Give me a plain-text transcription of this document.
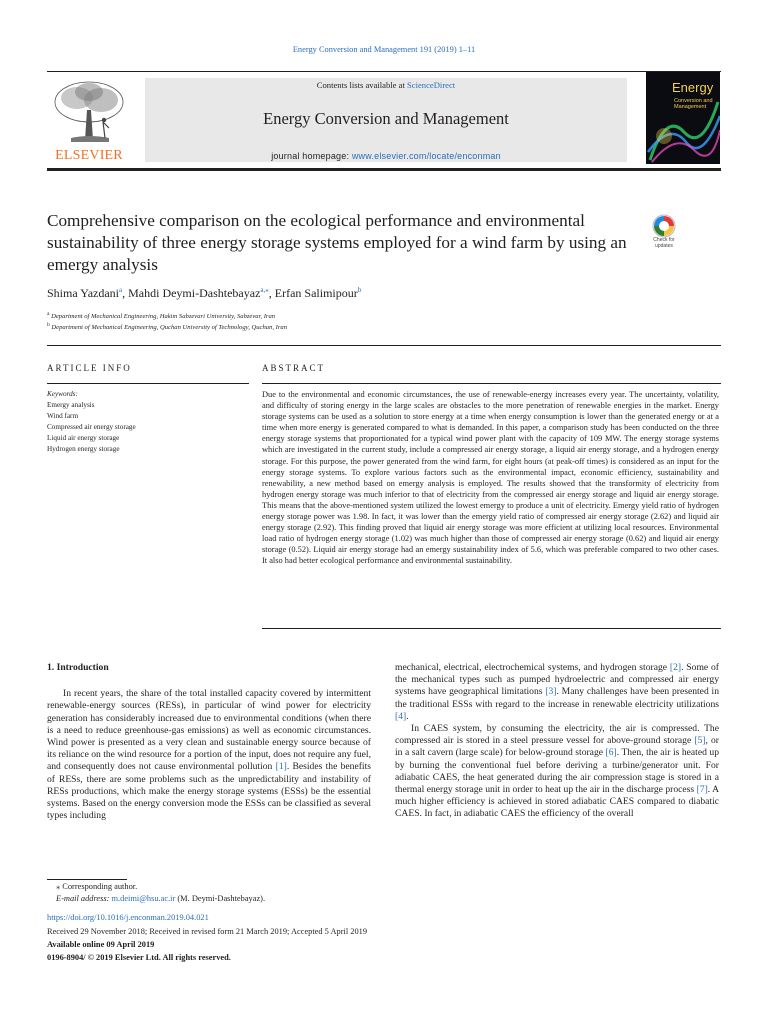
Energy Conversion and Management 191 (2019) 1–11
ELSEVIER
Contents lists available at ScienceDirect
Energy Conversion and Management
journal homepage: www.elsevier.com/locate/enconman
Energy
Conversion and Management
Comprehensive comparison on the ecological performance and environmental sustainability of three energy storage systems employed for a wind farm by using an emergy analysis
Check for updates
Shima Yazdani$^a$, Mahdi Deymi-Dashtebayaz$^{a,⁎}$, Erfan Salimipour$^b$
$^a$ Department of Mechanical Engineering, Hakim Sabzevari University, Sabzevar, Iran
$^b$ Department of Mechanical Engineering, Quchan University of Technology, Quchan, Iran
ARTICLE INFO	ABSTRACT
Keywords:
Emergy analysis
Wind farm
Compressed air energy storage
Liquid air energy storage
Hydrogen energy storage
Due to the environmental and economic circumstances, the use of renewable-energy increases every year. The uncertainty, volatility, and difficulty of storing energy in the large scales are obstacles to the more penetration of renewable energies in the market. Energy storage systems can be used as a solution to store energy at a time when energy consumption is lower than the generated energy or at a time when more energy is generated compared to what is demanded. In this paper, a comparison study has been conducted on the three energy storage systems that proportionated for a typical wind power plant with the capacity of 109 MW. The energy storage systems which are investigated in the current study, include a compressed air energy storage, a liquid air energy storage, and a hydrogen energy storage. For this purpose, the power generated from the wind farm, for eight hours (at peak-off times) is considered as an input for the energy storage systems. To explore various factors such as the environmental impact, economic efficiency, sustainability and renewability, a new method based on emergy analysis is employed. The results showed that the transformity of electricity from hydrogen energy storage was much inferior to that of electricity from the compressed air energy storage and liquid air energy storage. This means that the above-mentioned system utilized the lowest emergy to produce a unit of electricity. Emergy yield ratio of hydrogen energy storage power was 1.98. In fact, it was lower than the emergy yield ratio of compressed air energy storage (2.62) and liquid air energy storage (2.92). This finding proved that liquid air energy storage was more efficient at utilizing local resources. Environmental load ratio of hydrogen energy storage (1.02) was much higher than those of compressed air energy storage (0.62) and liquid air energy storage (0.52). Liquid air energy storage had an emergy sustainability index of 5.6, which was preferable compared to two other cases. It also had better ecological performance and environmental sustainability.
1. Introduction

In recent years, the share of the total installed capacity covered by intermittent renewable-energy sources (RESs), in particular of wind power for electricity generation has considerably increased due to environmental conditions (when there is a need to reduce greenhouse-gas emissions) as well as economic circumstances. Wind power is presented as a very clean and sustainable energy source because of its reliance on the wind resource for a portion of the input, does not require any fuel, and consequently does not cause environmental pollution [1]. Besides the benefits of RESs, there are some problems such as the unpredictability and instability of RESs productions, which make the energy storage systems (ESSs) be the essential systems. Based on the energy conversion mode the ESSs can be classified as several types including

mechanical, electrical, electrochemical systems, and hydrogen storage [2]. Some of the mechanical types such as pumped hydroelectric and compressed air energy systems have geographical limitations [3]. Many challenges have been presented in the traditional ESSs with regard to the increase in renewable electricity utilizations [4].

In CAES system, by consuming the electricity, the air is compressed. The compressed air is stored in a steel pressure vessel for above-ground storage [5], or in a salt cavern (large scale) for below-ground storage [6]. Then, the air is heated up by burning the conventional fuel before deriving a turbine/generator unit. For adiabatic CAES, the heat generated during the air compression stage is stored in a thermal energy storage unit in order to heat up the air in the discharge process [7]. A much higher efficiency is achieved in stored adiabatic CAES compared to diabatic CAES. In fact, in adiabatic CAES the efficiency of the overall

⁎ Corresponding author.
E-mail address: m.deimi@hsu.ac.ir (M. Deymi-Dashtebayaz).
https://doi.org/10.1016/j.enconman.2019.04.021
Received 29 November 2018; Received in revised form 21 March 2019; Accepted 5 April 2019
Available online 09 April 2019
0196-8904/ © 2019 Elsevier Ltd. All rights reserved.
